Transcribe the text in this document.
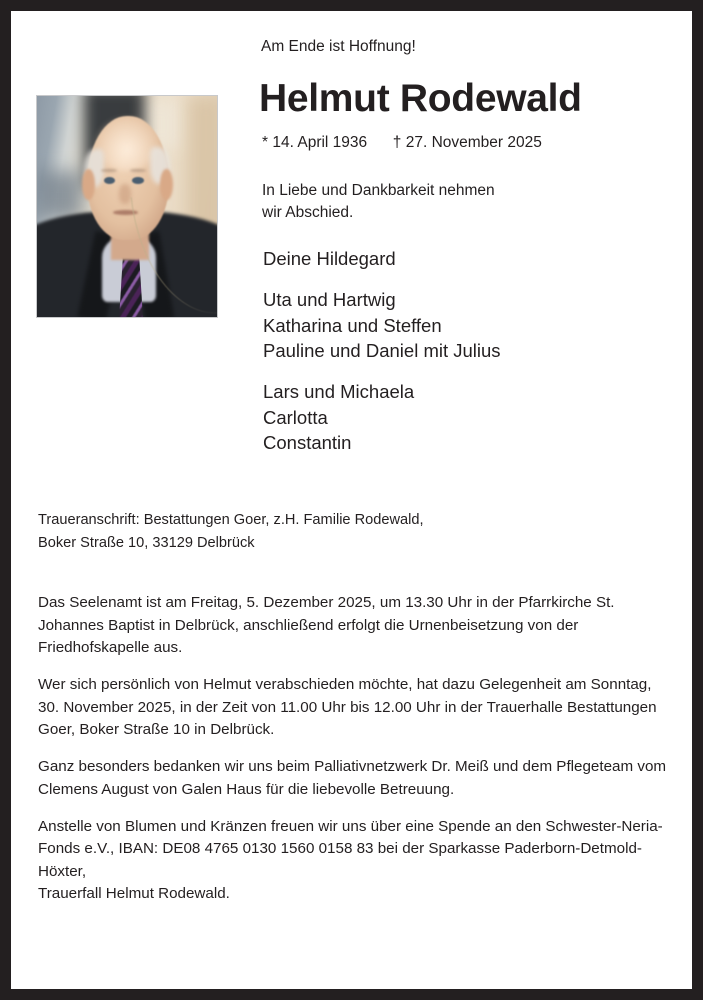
Am Ende ist Hoffnung!

Helmut Rodewald

* 14. April 1936 † 27. November 2025

In Liebe und Dankbarkeit nehmen
wir Abschied.

Deine Hildegard
Uta und Hartwig
Katharina und Steffen
Pauline und Daniel mit Julius
Lars und Michaela
Carlotta
Constantin

Traueranschrift: Bestattungen Goer, z.H. Familie Rodewald,
Boker Straße 10, 33129 Delbrück

Das Seelenamt ist am Freitag, 5. Dezember 2025, um 13.30 Uhr in der Pfarrkirche St. Johannes Baptist in Delbrück, anschließend erfolgt die Urnenbeisetzung von der Friedhofskapelle aus.

Wer sich persönlich von Helmut verabschieden möchte, hat dazu Gelegenheit am Sonntag, 30. November 2025, in der Zeit von 11.00 Uhr bis 12.00 Uhr in der Trauerhalle Bestattungen Goer, Boker Straße 10 in Delbrück.

Ganz besonders bedanken wir uns beim Palliativnetzwerk Dr. Meiß und dem Pflegeteam vom Clemens August von Galen Haus für die liebevolle Betreuung.

Anstelle von Blumen und Kränzen freuen wir uns über eine Spende an den Schwester-Neria-Fonds e.V., IBAN: DE08 4765 0130 1560 0158 83 bei der Sparkasse Paderborn-Detmold-Höxter,
Trauerfall Helmut Rodewald.
